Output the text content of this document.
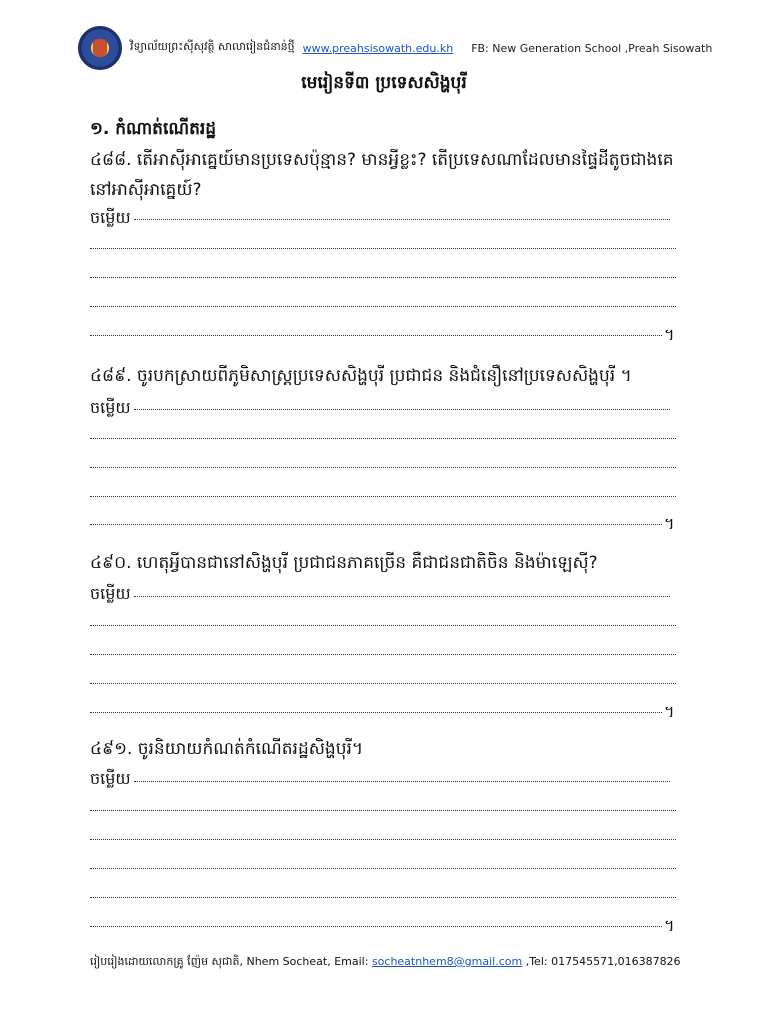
វិទ្យាល័យព្រះស៊ីសុវត្ថិ សាលារៀនជំនាន់ថ្មី www.preahsisowath.edu.kh FB: New Generation School ,Preah Sisowath
មេរៀនទី៣ ប្រទេសសិង្ហបុរី
១. កំណាត់ណើតរដ្ឋ
៤៨៨. តើអាស៊ីអាគ្នេយ៍មានប្រទេសប៉ុន្មាន? មានអ្វីខ្លះ? តើប្រទេសណាដែលមានផ្ទៃដីតូចជាងគេនៅអាស៊ីអាគ្នេយ៍?
ចម្លើយ
។
៤៨៩. ចូរបកស្រាយពីភូមិសាស្ត្រប្រទេសសិង្ហបុរី ប្រជាជន និងជំនឿនៅប្រទេសសិង្ហបុរី ។
ចម្លើយ
។
៤៩០. ហេតុអ្វីបានជានៅសិង្ហបុរី ប្រជាជនភាគច្រើន គឺជាជនជាតិចិន និងម៉ាឡេស៊ី?
ចម្លើយ
។
៤៩១. ចូរនិយាយកំណត់កំណើតរដ្ឋសិង្ហបុរី។
ចម្លើយ
។
រៀបរៀងដោយលោកគ្រូ ញ៉ែម សុជាតិ, Nhem Socheat, Email: socheatnhem8@gmail.com ,Tel: 017545571,016387826
